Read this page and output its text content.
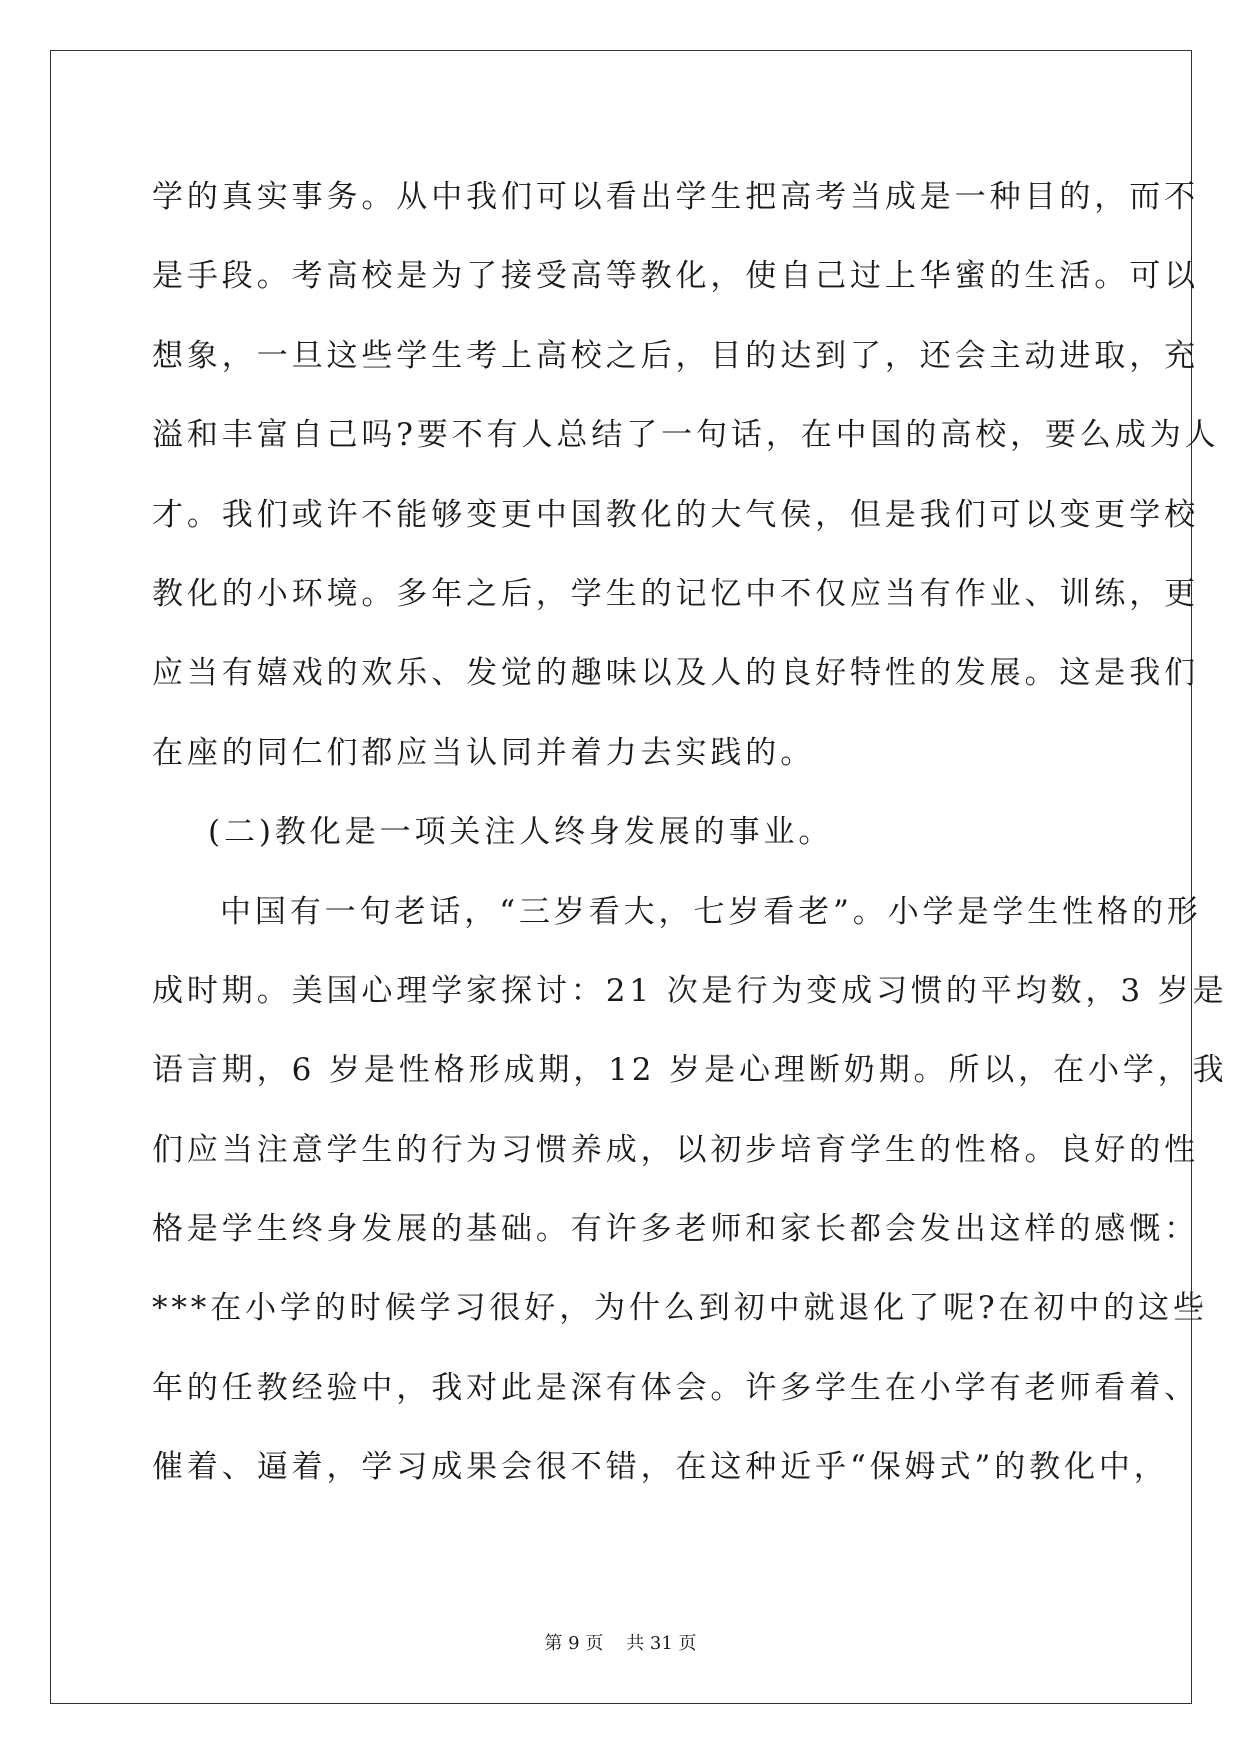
学的真实事务。从中我们可以看出学生把高考当成是一种目的，而不
是手段。考高校是为了接受高等教化，使自己过上华蜜的生活。可以
想象，一旦这些学生考上高校之后，目的达到了，还会主动进取，充
溢和丰富自己吗?要不有人总结了一句话，在中国的高校，要么成为人
才。我们或许不能够变更中国教化的大气侯，但是我们可以变更学校
教化的小环境。多年之后，学生的记忆中不仅应当有作业、训练，更
应当有嬉戏的欢乐、发觉的趣味以及人的良好特性的发展。这是我们
在座的同仁们都应当认同并着力去实践的。
(二)教化是一项关注人终身发展的事业。
中国有一句老话，“三岁看大，七岁看老”。小学是学生性格的形
成时期。美国心理学家探讨：21 次是行为变成习惯的平均数，3 岁是
语言期，6 岁是性格形成期，12 岁是心理断奶期。所以，在小学，我
们应当注意学生的行为习惯养成，以初步培育学生的性格。良好的性
格是学生终身发展的基础。有许多老师和家长都会发出这样的感慨：
***在小学的时候学习很好，为什么到初中就退化了呢?在初中的这些
年的任教经验中，我对此是深有体会。许多学生在小学有老师看着、
催着、逼着，学习成果会很不错，在这种近乎“保姆式”的教化中，
第 9 页    共 31 页
